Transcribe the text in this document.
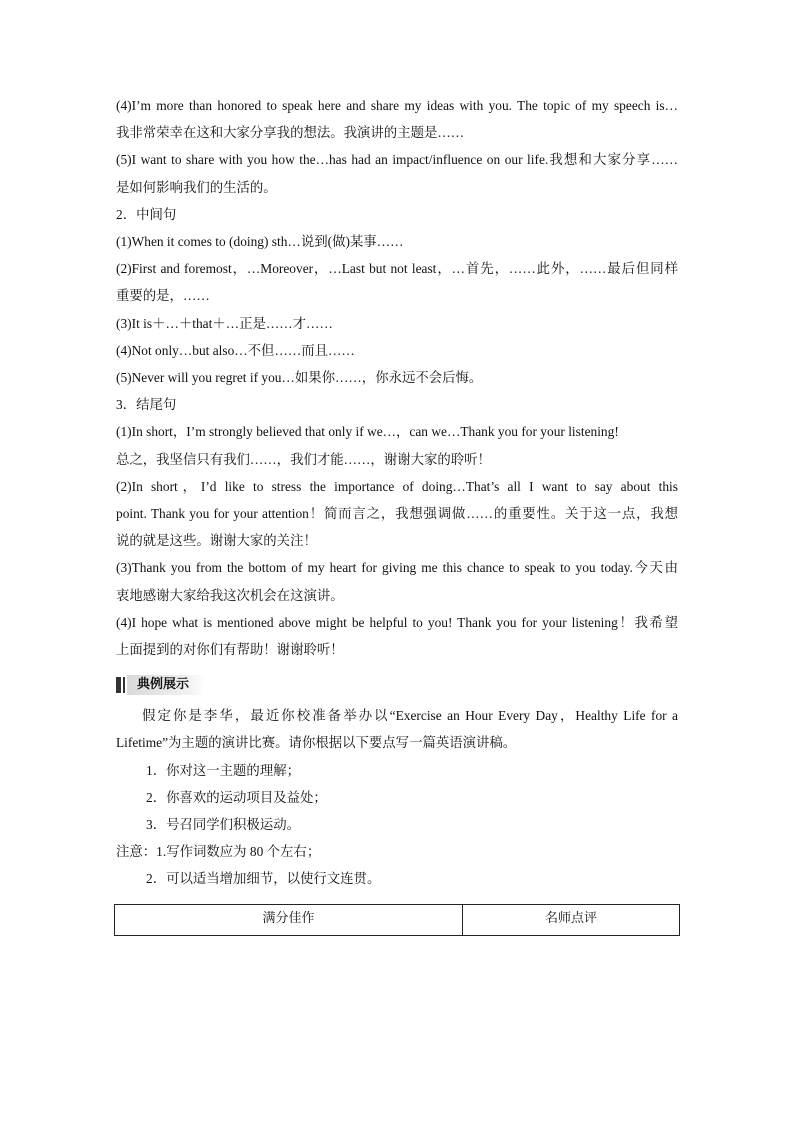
(4)I’m more than honored to speak here and share my ideas with you. The topic of my speech is…
我非常荣幸在这和大家分享我的想法。我演讲的主题是……
(5)I want to share with you how the…has had an impact/influence on our life.我想和大家分享……
是如何影响我们的生活的。
2．中间句
(1)When it comes to (doing) sth…说到(做)某事……
(2)First and foremost，…Moreover，…Last but not least，…首先，……此外，……最后但同样
重要的是，……
(3)It is＋…＋that＋…正是……才……
(4)Not only…but also…不但……而且……
(5)Never will you regret if you…如果你……，你永远不会后悔。
3．结尾句
(1)In short，I’m strongly believed that only if we…，can we…Thank you for your listening!
总之，我坚信只有我们……，我们才能……，谢谢大家的聆听！
(2)In short，I’d like to stress the importance of doing…That’s all I want to say about this
point. Thank you for your attention！简而言之，我想强调做……的重要性。关于这一点，我想
说的就是这些。谢谢大家的关注！
(3)Thank you from the bottom of my heart for giving me this chance to speak to you today.今天由
衷地感谢大家给我这次机会在这演讲。
(4)I hope what is mentioned above might be helpful to you! Thank you for your listening！我希望
上面提到的对你们有帮助！谢谢聆听！
典例展示
假定你是李华，最近你校准备举办以“Exercise an Hour Every Day，Healthy Life for a
Lifetime”为主题的演讲比赛。请你根据以下要点写一篇英语演讲稿。
1．你对这一主题的理解；
2．你喜欢的运动项目及益处；
3．号召同学们积极运动。
注意：1.写作词数应为 80 个左右；
2．可以适当增加细节，以使行文连贯。
满分佳作	名师点评
